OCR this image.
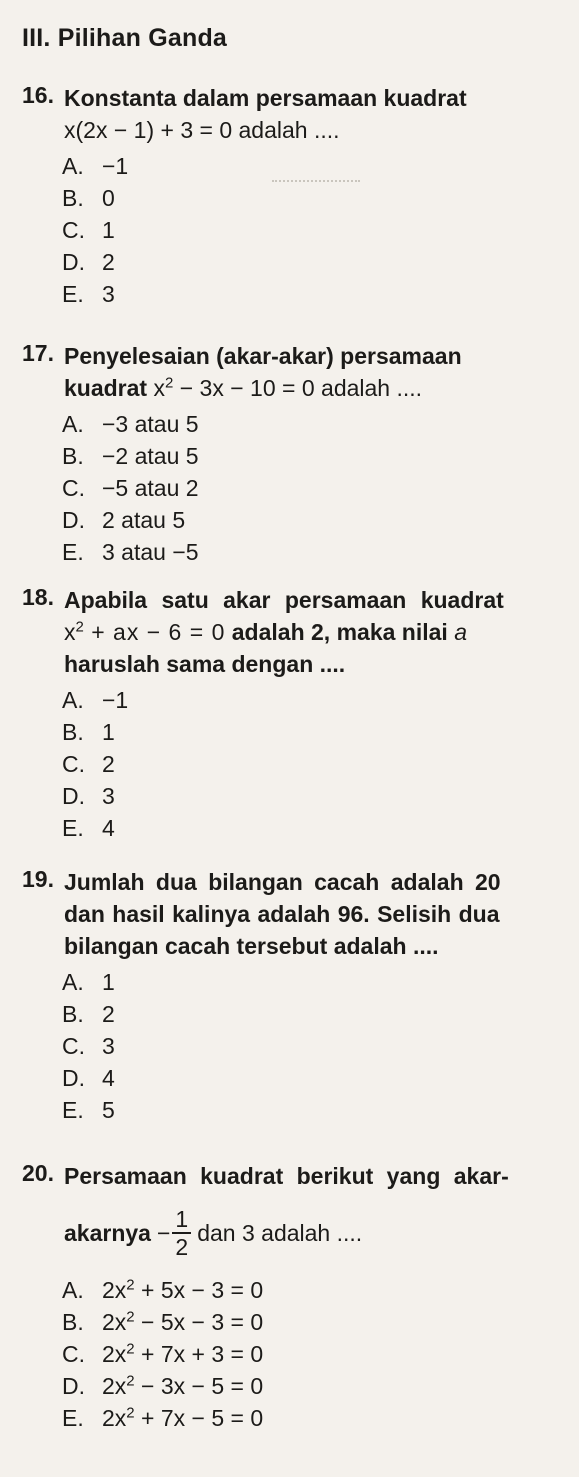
III. Pilihan Ganda
16. Konstanta dalam persamaan kuadrat
x(2x − 1) + 3 = 0 adalah ....
A. −1
B. 0
C. 1
D. 2
E. 3
17. Penyelesaian (akar-akar) persamaan
kuadrat $x^2 - 3x - 10 = 0$ adalah ....
A. −3 atau 5
B. −2 atau 5
C. −5 atau 2
D. 2 atau 5
E. 3 atau −5
18. Apabila satu akar persamaan kuadrat
$x^2$ + ax − 6 = 0 adalah 2, maka nilai a
haruslah sama dengan ....
A. −1
B. 1
C. 2
D. 3
E. 4
19. Jumlah dua bilangan cacah adalah 20
dan hasil kalinya adalah 96. Selisih dua
bilangan cacah tersebut adalah ....
A. 1
B. 2
C. 3
D. 4
E. 5
20. Persamaan kuadrat berikut yang akar-
akarnya − $\frac{1}{2}$ dan 3 adalah ....
A. $2x^2 + 5x - 3 = 0$
B. $2x^2 - 5x - 3 = 0$
C. $2x^2 + 7x + 3 = 0$
D. $2x^2 - 3x - 5 = 0$
E. $2x^2 + 7x - 5 = 0$
